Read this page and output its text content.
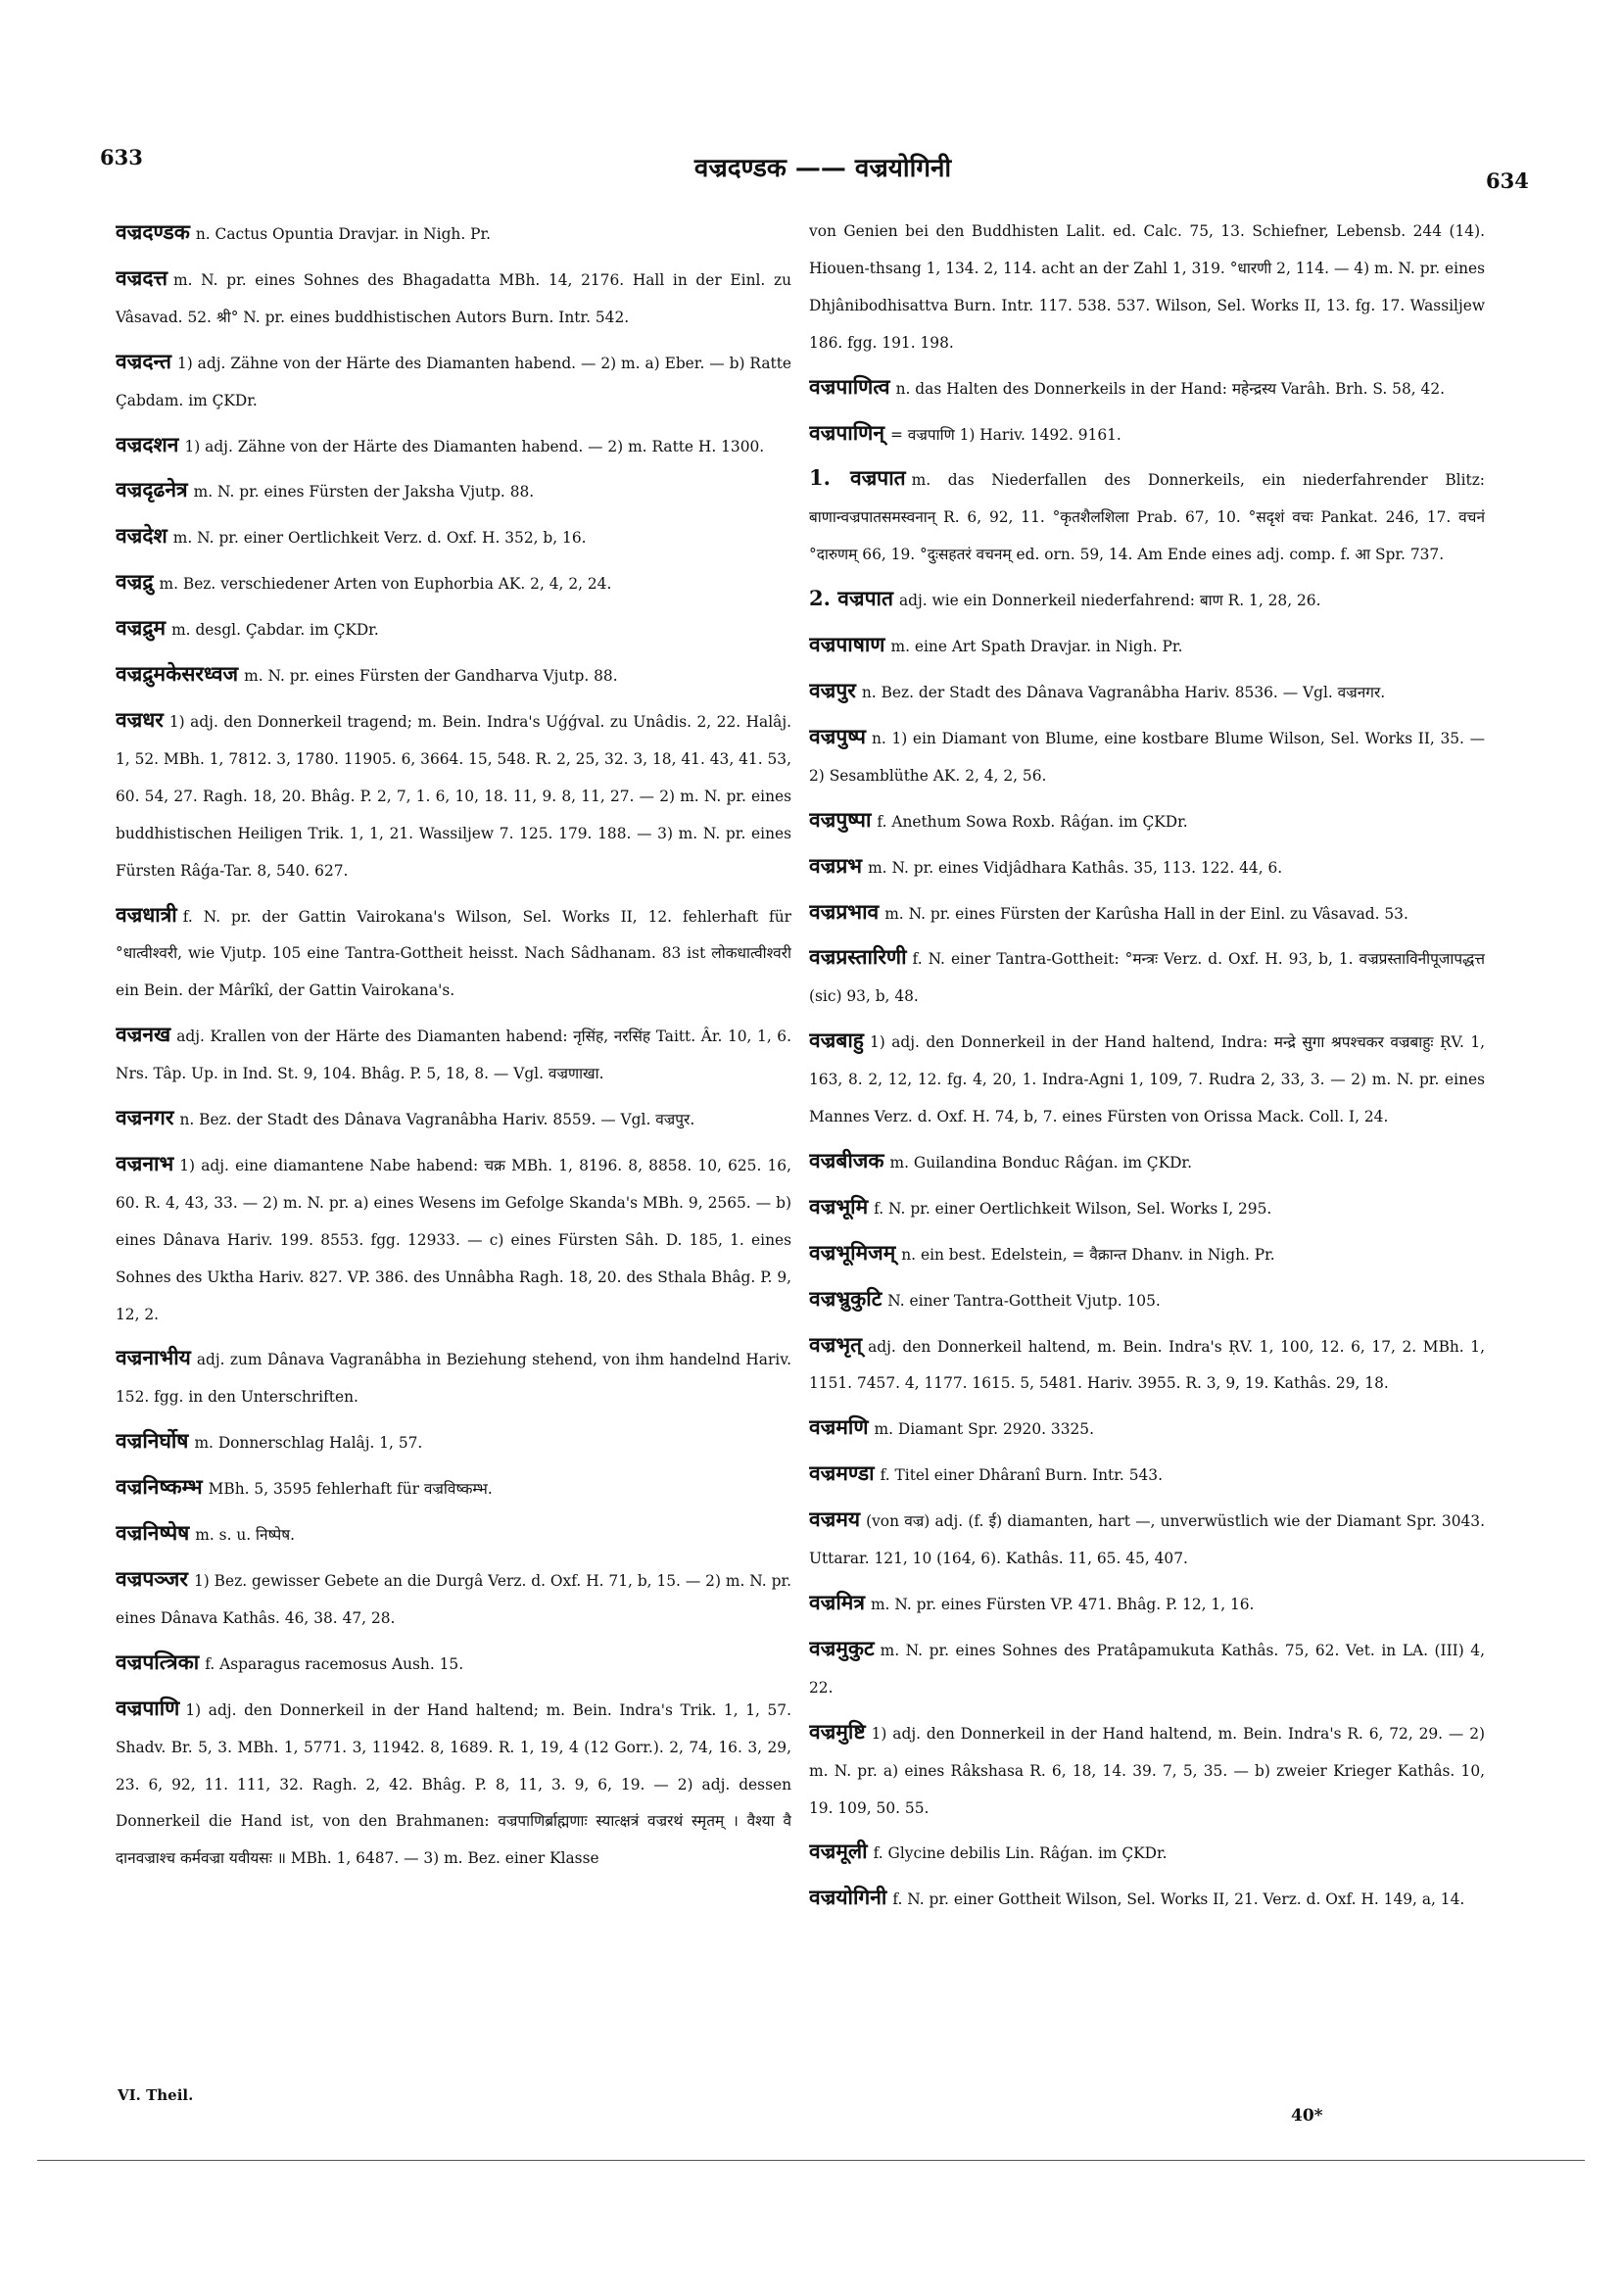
633	वज्रदण्डक —— वज्रयोगिनी	634

वज्रदण्डक n. Cactus Opuntia Dravjar. in Nigh. Pr.

वज्रदत्त m. N. pr. eines Sohnes des Bhagadatta MBh. 14, 2176. Hall in der Einl. zu Vâsavad. 52. श्री° N. pr. eines buddhistischen Autors Burn. Intr. 542.

वज्रदन्त 1) adj. Zähne von der Härte des Diamanten habend. — 2) m. a) Eber. — b) Ratte Çabdam. im ÇKDr.

वज्रदशन 1) adj. Zähne von der Härte des Diamanten habend. — 2) m. Ratte H. 1300.

वज्रदृढनेत्र m. N. pr. eines Fürsten der Jaksha Vjutp. 88.

वज्रदेश m. N. pr. einer Oertlichkeit Verz. d. Oxf. H. 352, b, 16.

वज्रद्रु m. Bez. verschiedener Arten von Euphorbia AK. 2, 4, 2, 24.

वज्रद्रुम m. desgl. Çabdar. im ÇKDr.

वज्रद्रुमकेसरध्वज m. N. pr. eines Fürsten der Gandharva Vjutp. 88.

वज्रधर 1) adj. den Donnerkeil tragend; m. Bein. Indra's Uǵǵval. zu Unâdis. 2, 22. Halâj. 1, 52. MBh. 1, 7812. 3, 1780. 11905. 6, 3664. 15, 548. R. 2, 25, 32. 3, 18, 41. 43, 41. 53, 60. 54, 27. Ragh. 18, 20. Bhâg. P. 2, 7, 1. 6, 10, 18. 11, 9. 8, 11, 27. — 2) m. N. pr. eines buddhistischen Heiligen Trik. 1, 1, 21. Wassiljew 7. 125. 179. 188. — 3) m. N. pr. eines Fürsten Râǵa-Tar. 8, 540. 627.

वज्रधात्री f. N. pr. der Gattin Vairokana's Wilson, Sel. Works II, 12. fehlerhaft für °धात्वीश्वरी, wie Vjutp. 105 eine Tantra-Gottheit heisst. Nach Sâdhanam. 83 ist लोकधात्वीश्वरी ein Bein. der Mârîkî, der Gattin Vairokana's.

वज्रनख adj. Krallen von der Härte des Diamanten habend: नृसिंह, नरसिंह Taitt. Âr. 10, 1, 6. Nrs. Tâp. Up. in Ind. St. 9, 104. Bhâg. P. 5, 18, 8. — Vgl. वज्रणाखा.

वज्रनगर n. Bez. der Stadt des Dânava Vagranâbha Hariv. 8559. — Vgl. वज्रपुर.

वज्रनाभ 1) adj. eine diamantene Nabe habend: चक्र MBh. 1, 8196. 8, 8858. 10, 625. 16, 60. R. 4, 43, 33. — 2) m. N. pr. a) eines Wesens im Gefolge Skanda's MBh. 9, 2565. — b) eines Dânava Hariv. 199. 8553. fgg. 12933. — c) eines Fürsten Sâh. D. 185, 1. eines Sohnes des Uktha Hariv. 827. VP. 386. des Unnâbha Ragh. 18, 20. des Sthala Bhâg. P. 9, 12, 2.

वज्रनाभीय adj. zum Dânava Vagranâbha in Beziehung stehend, von ihm handelnd Hariv. 152. fgg. in den Unterschriften.

वज्रनिर्घोष m. Donnerschlag Halâj. 1, 57.

वज्रनिष्कम्भ MBh. 5, 3595 fehlerhaft für वज्रविष्कम्भ.

वज्रनिष्पेष m. s. u. निष्पेष.

वज्रपञ्जर 1) Bez. gewisser Gebete an die Durgâ Verz. d. Oxf. H. 71, b, 15. — 2) m. N. pr. eines Dânava Kathâs. 46, 38. 47, 28.

वज्रपत्त्रिका f. Asparagus racemosus Aush. 15.

वज्रपाणि 1) adj. den Donnerkeil in der Hand haltend; m. Bein. Indra's Trik. 1, 1, 57. Shadv. Br. 5, 3. MBh. 1, 5771. 3, 11942. 8, 1689. R. 1, 19, 4 (12 Gorr.). 2, 74, 16. 3, 29, 23. 6, 92, 11. 111, 32. Ragh. 2, 42. Bhâg. P. 8, 11, 3. 9, 6, 19. — 2) adj. dessen Donnerkeil die Hand ist, von den Brahmanen: वज्रपाणिर्ब्राह्मणाः स्यात्क्षत्रं वज्ररथं स्मृतम् । वैश्या वै दानवज्राश्च कर्मवज्रा यवीयसः ॥ MBh. 1, 6487. — 3) m. Bez. einer Klasse

von Genien bei den Buddhisten Lalit. ed. Calc. 75, 13. Schiefner, Lebensb. 244 (14). Hiouen-thsang 1, 134. 2, 114. acht an der Zahl 1, 319. °धारणी 2, 114. — 4) m. N. pr. eines Dhjânibodhisattva Burn. Intr. 117. 538. 537. Wilson, Sel. Works II, 13. fg. 17. Wassiljew 186. fgg. 191. 198.

वज्रपाणित्व n. das Halten des Donnerkeils in der Hand: महेन्द्रस्य Varâh. Brh. S. 58, 42.

वज्रपाणिन् = वज्रपाणि 1) Hariv. 1492. 9161.

1. वज्रपात m. das Niederfallen des Donnerkeils, ein niederfahrender Blitz: बाणान्वज्रपातसमस्वनान् R. 6, 92, 11. °कृतशैलशिला Prab. 67, 10. °सदृशं वचः Pankat. 246, 17. वचनं °दारुणम् 66, 19. °दुःसहतरं वचनम् ed. orn. 59, 14. Am Ende eines adj. comp. f. आ Spr. 737.

2. वज्रपात adj. wie ein Donnerkeil niederfahrend: बाण R. 1, 28, 26.

वज्रपाषाण m. eine Art Spath Dravjar. in Nigh. Pr.

वज्रपुर n. Bez. der Stadt des Dânava Vagranâbha Hariv. 8536. — Vgl. वज्रनगर.

वज्रपुष्प n. 1) ein Diamant von Blume, eine kostbare Blume Wilson, Sel. Works II, 35. — 2) Sesamblüthe AK. 2, 4, 2, 56.

वज्रपुष्पा f. Anethum Sowa Roxb. Râǵan. im ÇKDr.

वज्रप्रभ m. N. pr. eines Vidjâdhara Kathâs. 35, 113. 122. 44, 6.

वज्रप्रभाव m. N. pr. eines Fürsten der Karûsha Hall in der Einl. zu Vâsavad. 53.

वज्रप्रस्तारिणी f. N. einer Tantra-Gottheit: °मन्त्रः Verz. d. Oxf. H. 93, b, 1. वज्रप्रस्ताविनीपूजापद्धत्त (sic) 93, b, 48.

वज्रबाहु 1) adj. den Donnerkeil in der Hand haltend, Indra: मन्द्रे सुगा श्रपश्चकर वज्रबाहुः ṚV. 1, 163, 8. 2, 12, 12. fg. 4, 20, 1. Indra-Agni 1, 109, 7. Rudra 2, 33, 3. — 2) m. N. pr. eines Mannes Verz. d. Oxf. H. 74, b, 7. eines Fürsten von Orissa Mack. Coll. I, 24.

वज्रबीजक m. Guilandina Bonduc Râǵan. im ÇKDr.

वज्रभूमि f. N. pr. einer Oertlichkeit Wilson, Sel. Works I, 295.

वज्रभूमिजम् n. ein best. Edelstein, = वैक्रान्त Dhanv. in Nigh. Pr.

वज्रभ्रुकुटि N. einer Tantra-Gottheit Vjutp. 105.

वज्रभृत् adj. den Donnerkeil haltend, m. Bein. Indra's ṚV. 1, 100, 12. 6, 17, 2. MBh. 1, 1151. 7457. 4, 1177. 1615. 5, 5481. Hariv. 3955. R. 3, 9, 19. Kathâs. 29, 18.

वज्रमणि m. Diamant Spr. 2920. 3325.

वज्रमण्डा f. Titel einer Dhâranî Burn. Intr. 543.

वज्रमय (von वज्र) adj. (f. ई) diamanten, hart —, unverwüstlich wie der Diamant Spr. 3043. Uttarar. 121, 10 (164, 6). Kathâs. 11, 65. 45, 407.

वज्रमित्र m. N. pr. eines Fürsten VP. 471. Bhâg. P. 12, 1, 16.

वज्रमुकुट m. N. pr. eines Sohnes des Pratâpamukuta Kathâs. 75, 62. Vet. in LA. (III) 4, 22.

वज्रमुष्टि 1) adj. den Donnerkeil in der Hand haltend, m. Bein. Indra's R. 6, 72, 29. — 2) m. N. pr. a) eines Râkshasa R. 6, 18, 14. 39. 7, 5, 35. — b) zweier Krieger Kathâs. 10, 19. 109, 50. 55.

वज्रमूली f. Glycine debilis Lin. Râǵan. im ÇKDr.

वज्रयोगिनी f. N. pr. einer Gottheit Wilson, Sel. Works II, 21. Verz. d. Oxf. H. 149, a, 14.

VI. Theil.
40*
